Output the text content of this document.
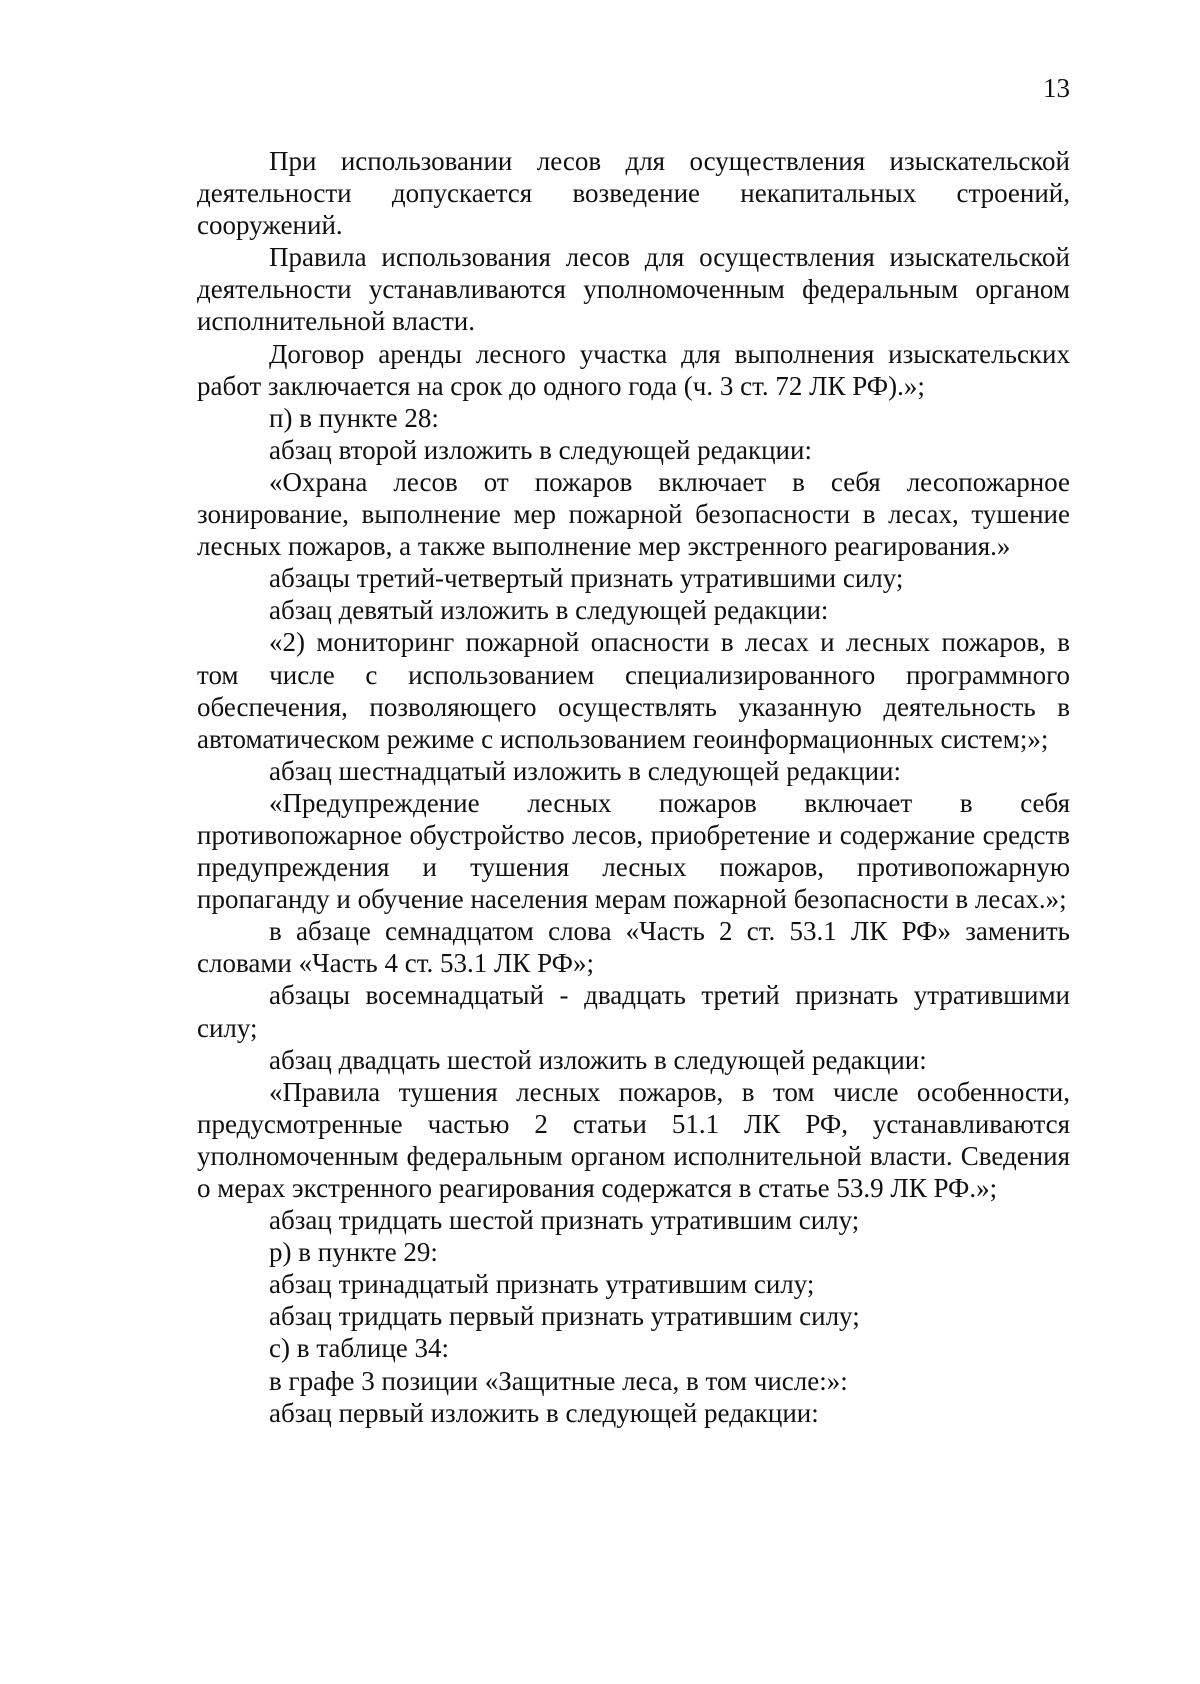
13

При использовании лесов для осуществления изыскательской деятельности допускается возведение некапитальных строений, сооружений.

Правила использования лесов для осуществления изыскательской деятельности устанавливаются уполномоченным федеральным органом исполнительной власти.

Договор аренды лесного участка для выполнения изыскательских работ заключается на срок до одного года (ч. 3 ст. 72 ЛК РФ).»;

п) в пункте 28:

абзац второй изложить в следующей редакции:

«Охрана лесов от пожаров включает в себя лесопожарное зонирование, выполнение мер пожарной безопасности в лесах, тушение лесных пожаров, а также выполнение мер экстренного реагирования.»

абзацы третий-четвертый признать утратившими силу;

абзац девятый изложить в следующей редакции:

«2) мониторинг пожарной опасности в лесах и лесных пожаров, в том числе с использованием специализированного программного обеспечения, позволяющего осуществлять указанную деятельность в автоматическом режиме с использованием геоинформационных систем;»;

абзац шестнадцатый изложить в следующей редакции:

«Предупреждение лесных пожаров включает в себя противопожарное обустройство лесов, приобретение и содержание средств предупреждения и тушения лесных пожаров, противопожарную пропаганду и обучение населения мерам пожарной безопасности в лесах.»;

в абзаце семнадцатом слова «Часть 2 ст. 53.1 ЛК РФ» заменить словами «Часть 4 ст. 53.1 ЛК РФ»;

абзацы восемнадцатый - двадцать третий признать утратившими силу;

абзац двадцать шестой изложить в следующей редакции:

«Правила тушения лесных пожаров, в том числе особенности, предусмотренные частью 2 статьи 51.1 ЛК РФ, устанавливаются уполномоченным федеральным органом исполнительной власти. Сведения о мерах экстренного реагирования содержатся в статье 53.9 ЛК РФ.»;

абзац тридцать шестой признать утратившим силу;

р) в пункте 29:

абзац тринадцатый признать утратившим силу;

абзац тридцать первый признать утратившим силу;

с) в таблице 34:

в графе 3 позиции «Защитные леса, в том числе:»:

абзац первый изложить в следующей редакции:
